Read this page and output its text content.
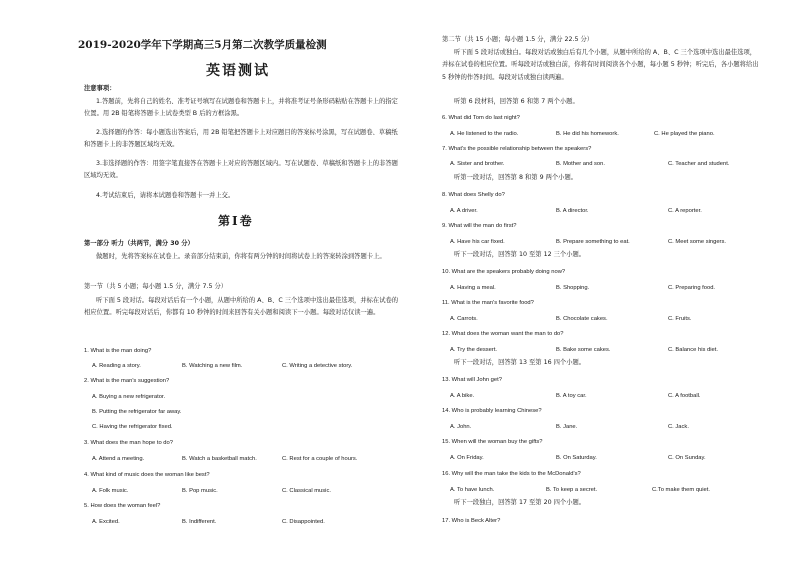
2019-2020学年下学期高三5月第二次教学质量检测
英语测试
注意事项：
1.答题前，先将自己的姓名、准考证号填写在试题卷和答题卡上，并将准考证号条形码粘贴在答题卡上的指定位置。用 2B 铅笔将答题卡上试卷类型 B 后的方框涂黑。
2.选择题的作答：每小题选出答案后，用 2B 铅笔把答题卡上对应题目的答案标号涂黑，写在试题卷、草稿纸和答题卡上的非答题区域均无效。
3.非选择题的作答：用签字笔直接答在答题卡上对应的答题区域内。写在试题卷、草稿纸和答题卡上的非答题区域均无效。
4.考试结束后，请将本试题卷和答题卡一并上交。
第Ⅰ卷
第一部分 听力（共两节，满分 30 分）
做题时，先将答案标在试卷上。录音部分结束前，你将有两分钟的时间将试卷上的答案转涂到答题卡上。
第一节（共 5 小题；每小题 1.5 分，满分 7.5 分）
听下面 5 段对话。每段对话后有一个小题，从题中所给的 A、B、C 三个选项中选出最佳选项，并标在试卷的相应位置。听完每段对话后，你都有 10 秒钟的时间来回答有关小题和阅读下一小题。每段对话仅读一遍。
1. What is the man doing?
A. Reading a story.	B. Watching a new film.	C. Writing a detective story.
2. What is the man's suggestion?
A. Buying a new refrigerator.
B. Putting the refrigerator far away.
C. Having the refrigerator fixed.
3. What does the man hope to do?
A. Attend a meeting.	B. Watch a basketball match.	C. Rest for a couple of hours.
4. What kind of music does the woman like best?
A. Folk music.	B. Pop music.	C. Classical music.
5. How does the woman feel?
A. Excited.	B. Indifferent.	C. Disappointed.
第二节（共 15 小题；每小题 1.5 分，满分 22.5 分）
听下面 5 段对话或独白。每段对话或独白后有几个小题，从题中所给的 A、B、C 三个选项中选出最佳选项，并标在试卷的相应位置。听每段对话或独白前，你将有时间阅读各个小题，每小题 5 秒钟；听完后，各小题将给出 5 秒钟的作答时间。每段对话或独白读两遍。
听第 6 段材料，回答第 6 和第 7 两个小题。
6. What did Tom do last night?
A. He listened to the radio.	B. He did his homework.	C. He played the piano.
7. What's the possible relationship between the speakers?
A. Sister and brother.	B. Mother and son.	C. Teacher and student.
听第一段对话，回答第 8 和第 9 两个小题。
8. What does Shelly do?
A. A driver.	B. A director.	C. A reporter.
9. What will the man do first?
A. Have his car fixed.	B. Prepare something to eat.	C. Meet some singers.
听下一段对话，回答第 10 至第 12 三个小题。
10. What are the speakers probably doing now?
A. Having a meal.	B. Shopping.	C. Preparing food.
11. What is the man's favorite food?
A. Carrots.	B. Chocolate cakes.	C. Fruits.
12. What does the woman want the man to do?
A. Try the dessert.	B. Bake some cakes.	C. Balance his diet.
听下一段对话，回答第 13 至第 16 四个小题。
13. What will John get?
A. A bike.	B. A toy car.	C. A football.
14. Who is probably learning Chinese?
A. John.	B. Jane.	C. Jack.
15. When will the woman buy the gifts?
A. On Friday.	B. On Saturday.	C. On Sunday.
16. Why will the man take the kids to the McDonald's?
A. To have lunch.	B. To keep a secret.	C.To make them quiet.
听下一段独白，回答第 17 至第 20 四个小题。
17. Who is Beck Alter?
